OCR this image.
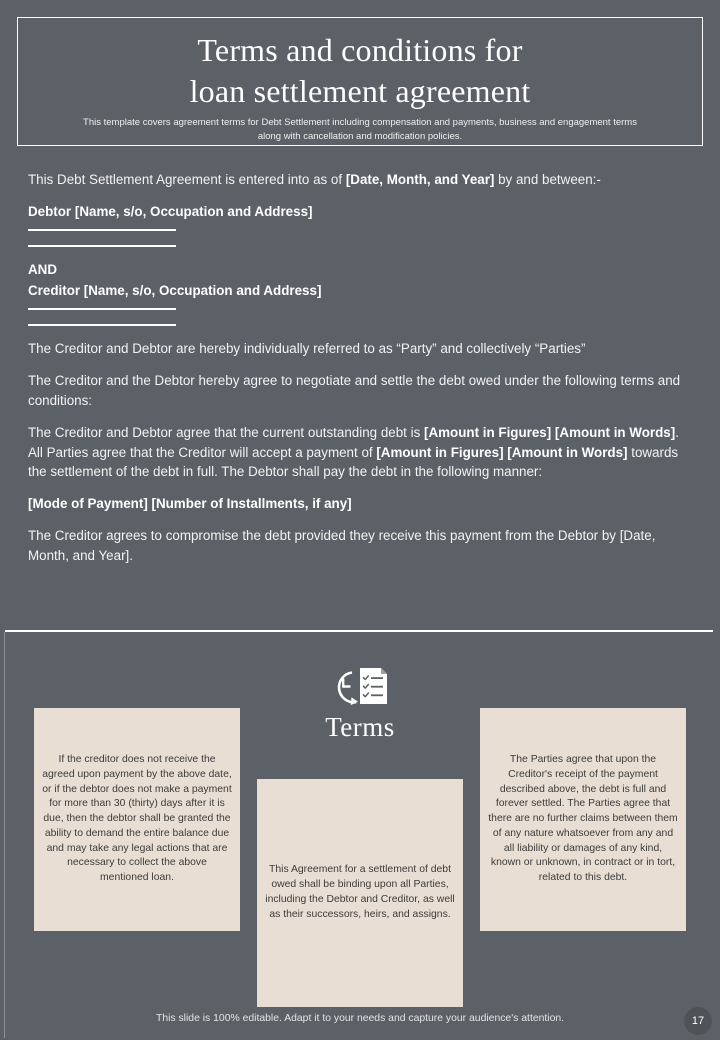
Terms and conditions for
loan settlement agreement
This template covers agreement terms for Debt Settlement including compensation and payments, business and engagement terms along with cancellation and modification policies.

This Debt Settlement Agreement is entered into as of [Date, Month, and Year] by and between:-

Debtor [Name, s/o, Occupation and Address]

AND

Creditor [Name, s/o, Occupation and Address]

The Creditor and Debtor are hereby individually referred to as “Party” and collectively “Parties”

The Creditor and the Debtor hereby agree to negotiate and settle the debt owed under the following terms and conditions:

The Creditor and Debtor agree that the current outstanding debt is [Amount in Figures] [Amount in Words]. All Parties agree that the Creditor will accept a payment of [Amount in Figures] [Amount in Words] towards the settlement of the debt in full. The Debtor shall pay the debt in the following manner:

[Mode of Payment] [Number of Installments, if any]

The Creditor agrees to compromise the debt provided they receive this payment from the Debtor by [Date, Month, and Year].

Terms
If the creditor does not receive the agreed upon payment by the above date, or if the debtor does not make a payment for more than 30 (thirty) days after it is due, then the debtor shall be granted the ability to demand the entire balance due and may take any legal actions that are necessary to collect the above mentioned loan.
This Agreement for a settlement of debt owed shall be binding upon all Parties, including the Debtor and Creditor, as well as their successors, heirs, and assigns.
The Parties agree that upon the Creditor's receipt of the payment described above, the debt is full and forever settled. The Parties agree that there are no further claims between them of any nature whatsoever from any and all liability or damages of any kind, known or unknown, in contract or in tort, related to this debt.
This slide is 100% editable. Adapt it to your needs and capture your audience's attention.	17
